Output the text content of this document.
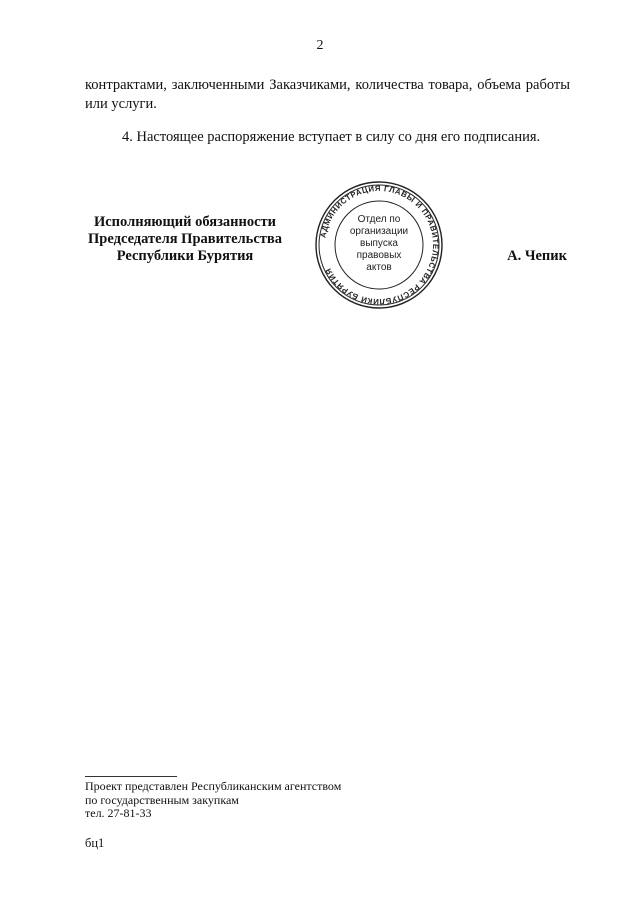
2
контрактами, заключенными Заказчиками, количества товара, объема работы или услуги.
4. Настоящее распоряжение вступает в силу со дня его подписания.
Исполняющий обязанности
Председателя Правительства
Республики Бурятия
АДМИНИСТРАЦИЯ ГЛАВЫ И ПРАВИТЕЛЬСТВА РЕСПУБЛИКИ БУРЯТИЯ
Отдел по
организации
выпуска
правовых
актов
А. Чепик
Проект представлен Республиканским агентством
по государственным закупкам
тел. 27-81-33
бц1
